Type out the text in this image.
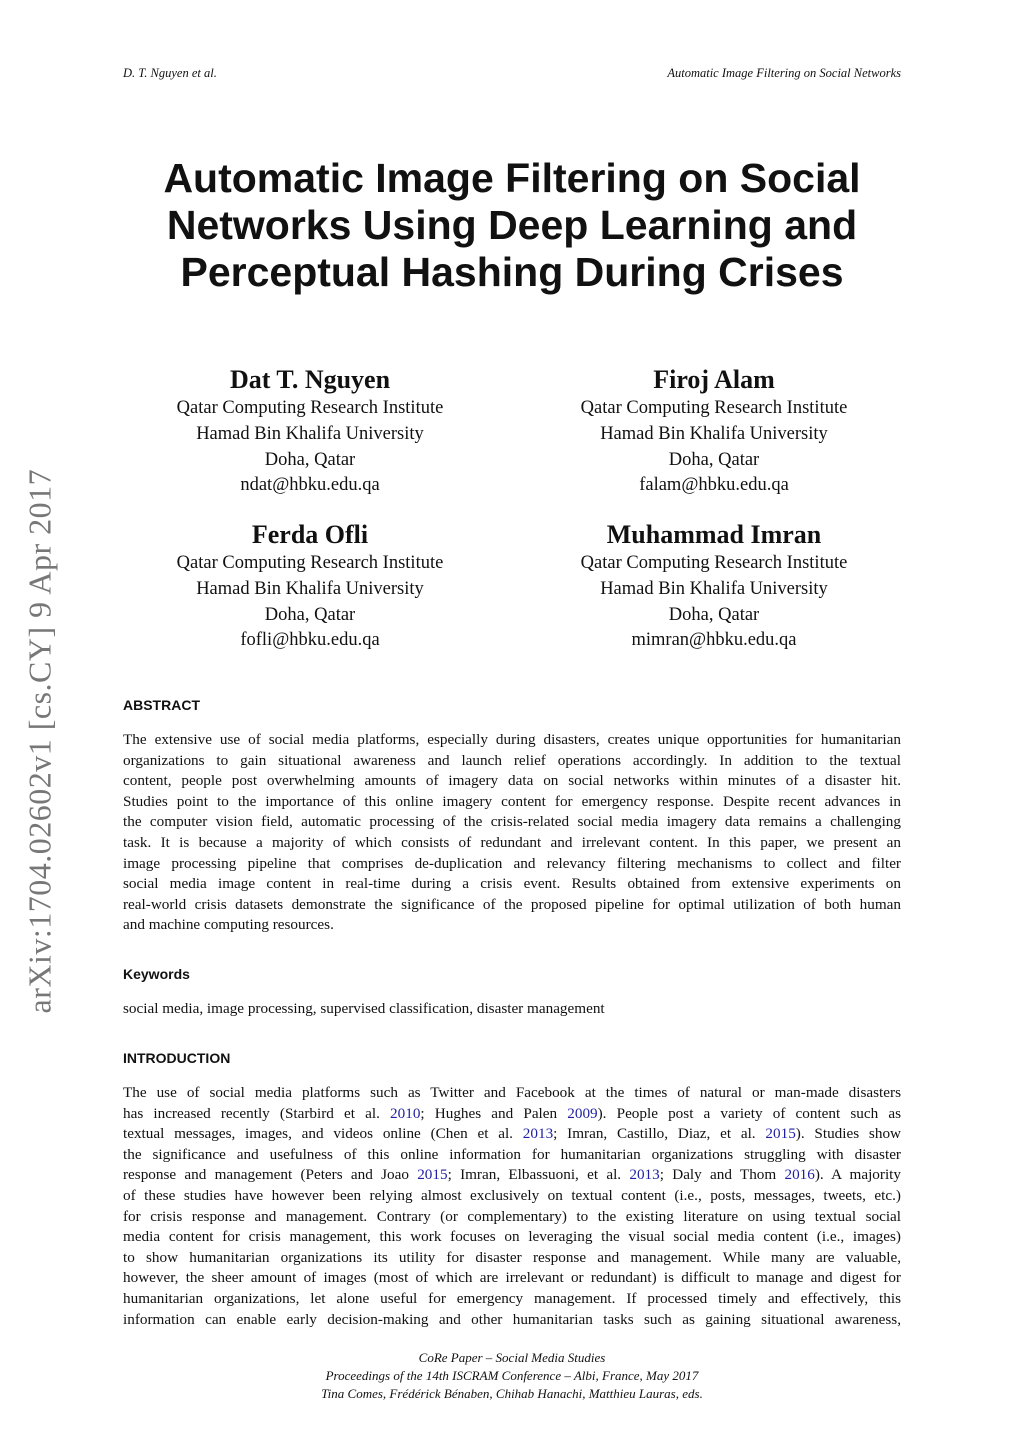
D. T. Nguyen et al.	Automatic Image Filtering on Social Networks
arXiv:1704.02602v1 [cs.CY] 9 Apr 2017
Automatic Image Filtering on Social
Networks Using Deep Learning and
Perceptual Hashing During Crises
Dat T. Nguyen
Qatar Computing Research Institute
Hamad Bin Khalifa University
Doha, Qatar
ndat@hbku.edu.qa
Firoj Alam
Qatar Computing Research Institute
Hamad Bin Khalifa University
Doha, Qatar
falam@hbku.edu.qa
Ferda Ofli
Qatar Computing Research Institute
Hamad Bin Khalifa University
Doha, Qatar
fofli@hbku.edu.qa
Muhammad Imran
Qatar Computing Research Institute
Hamad Bin Khalifa University
Doha, Qatar
mimran@hbku.edu.qa
ABSTRACT
The extensive use of social media platforms, especially during disasters, creates unique opportunities for humanitarian
organizations to gain situational awareness and launch relief operations accordingly. In addition to the textual
content, people post overwhelming amounts of imagery data on social networks within minutes of a disaster hit.
Studies point to the importance of this online imagery content for emergency response. Despite recent advances in
the computer vision field, automatic processing of the crisis-related social media imagery data remains a challenging
task. It is because a majority of which consists of redundant and irrelevant content. In this paper, we present an
image processing pipeline that comprises de-duplication and relevancy filtering mechanisms to collect and filter
social media image content in real-time during a crisis event. Results obtained from extensive experiments on
real-world crisis datasets demonstrate the significance of the proposed pipeline for optimal utilization of both human
and machine computing resources.
Keywords
social media, image processing, supervised classification, disaster management
INTRODUCTION
The use of social media platforms such as Twitter and Facebook at the times of natural or man-made disasters
has increased recently (Starbird et al. 2010; Hughes and Palen 2009). People post a variety of content such as
textual messages, images, and videos online (Chen et al. 2013; Imran, Castillo, Diaz, et al. 2015). Studies show
the significance and usefulness of this online information for humanitarian organizations struggling with disaster
response and management (Peters and Joao 2015; Imran, Elbassuoni, et al. 2013; Daly and Thom 2016). A majority
of these studies have however been relying almost exclusively on textual content (i.e., posts, messages, tweets, etc.)
for crisis response and management. Contrary (or complementary) to the existing literature on using textual social
media content for crisis management, this work focuses on leveraging the visual social media content (i.e., images)
to show humanitarian organizations its utility for disaster response and management. While many are valuable,
however, the sheer amount of images (most of which are irrelevant or redundant) is difficult to manage and digest for
humanitarian organizations, let alone useful for emergency management. If processed timely and effectively, this
information can enable early decision-making and other humanitarian tasks such as gaining situational awareness,
CoRe Paper – Social Media Studies
Proceedings of the 14th ISCRAM Conference – Albi, France, May 2017
Tina Comes, Frédérick Bénaben, Chihab Hanachi, Matthieu Lauras, eds.
